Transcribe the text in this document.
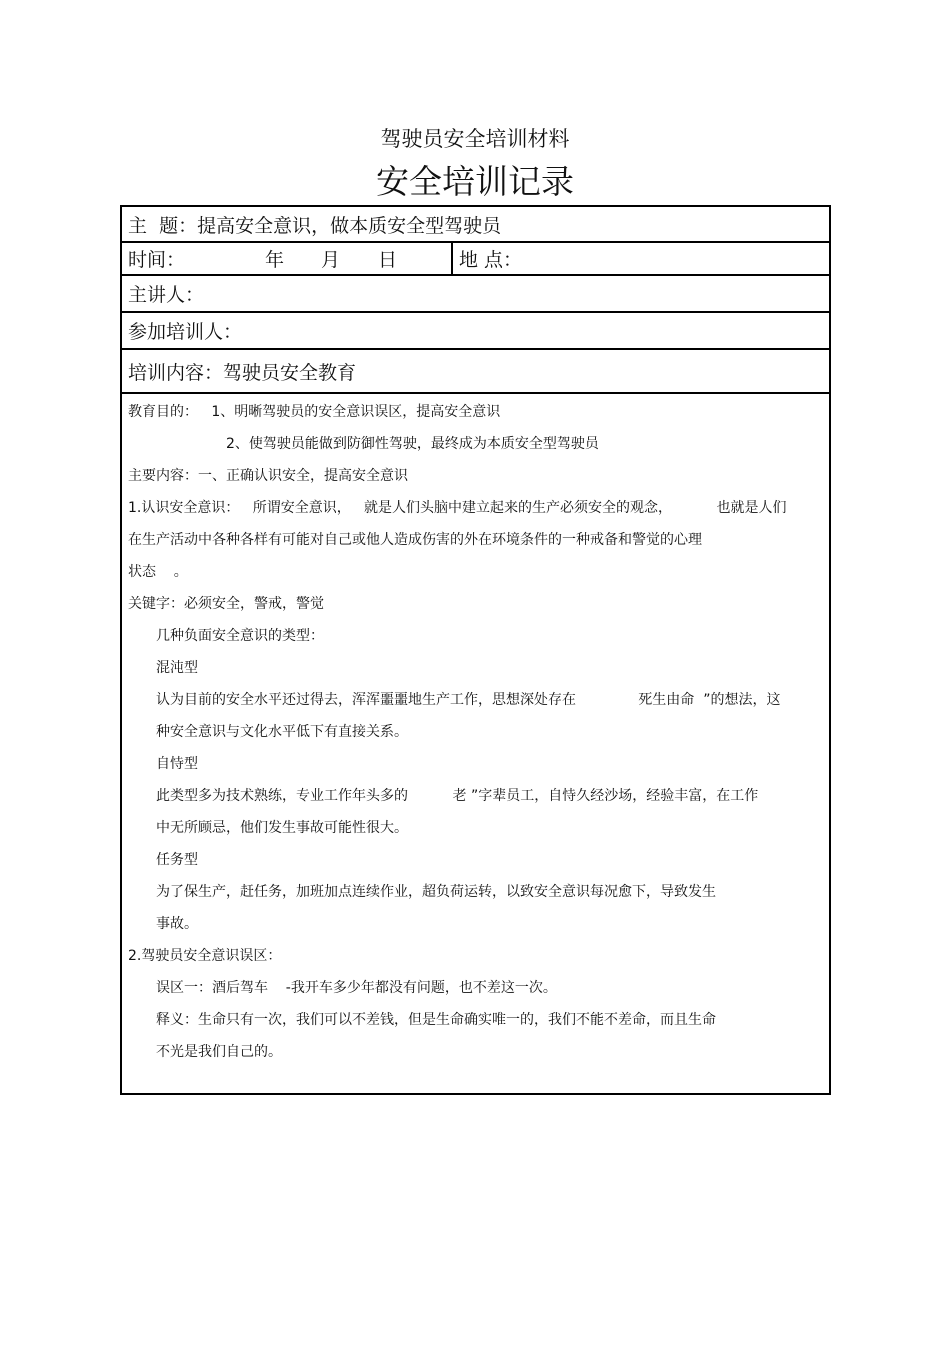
驾驶员安全培训材料
安全培训记录
主  题：提高安全意识，做本质安全型驾驶员
时间：	年 月 日	地 点：
主讲人：
参加培训人：
培训内容：驾驶员安全教育
教育目的：   1、明晰驾驶员的安全意识误区，提高安全意识
2、使驾驶员能做到防御性驾驶，最终成为本质安全型驾驶员
主要内容：一、正确认识安全，提高安全意识
1.认识安全意识：   所谓安全意识，   就是人们头脑中建立起来的生产必须安全的观念，          也就是人们
在生产活动中各种各样有可能对自己或他人造成伤害的外在环境条件的一种戒备和警觉的心理
状态    。
关键字：必须安全，警戒，警觉
几种负面安全意识的类型：
混沌型
认为目前的安全水平还过得去，浑浑噩噩地生产工作，思想深处存在              死生由命  ”的想法，这
种安全意识与文化水平低下有直接关系。
自恃型
此类型多为技术熟练，专业工作年头多的          老 ”字辈员工，自恃久经沙场，经验丰富，在工作
中无所顾忌，他们发生事故可能性很大。
任务型
为了保生产，赶任务，加班加点连续作业，超负荷运转，以致安全意识每况愈下，导致发生
事故。
2.驾驶员安全意识误区：
误区一：酒后驾车    -我开车多少年都没有问题，也不差这一次。
释义：生命只有一次，我们可以不差钱，但是生命确实唯一的，我们不能不差命，而且生命
不光是我们自己的。
